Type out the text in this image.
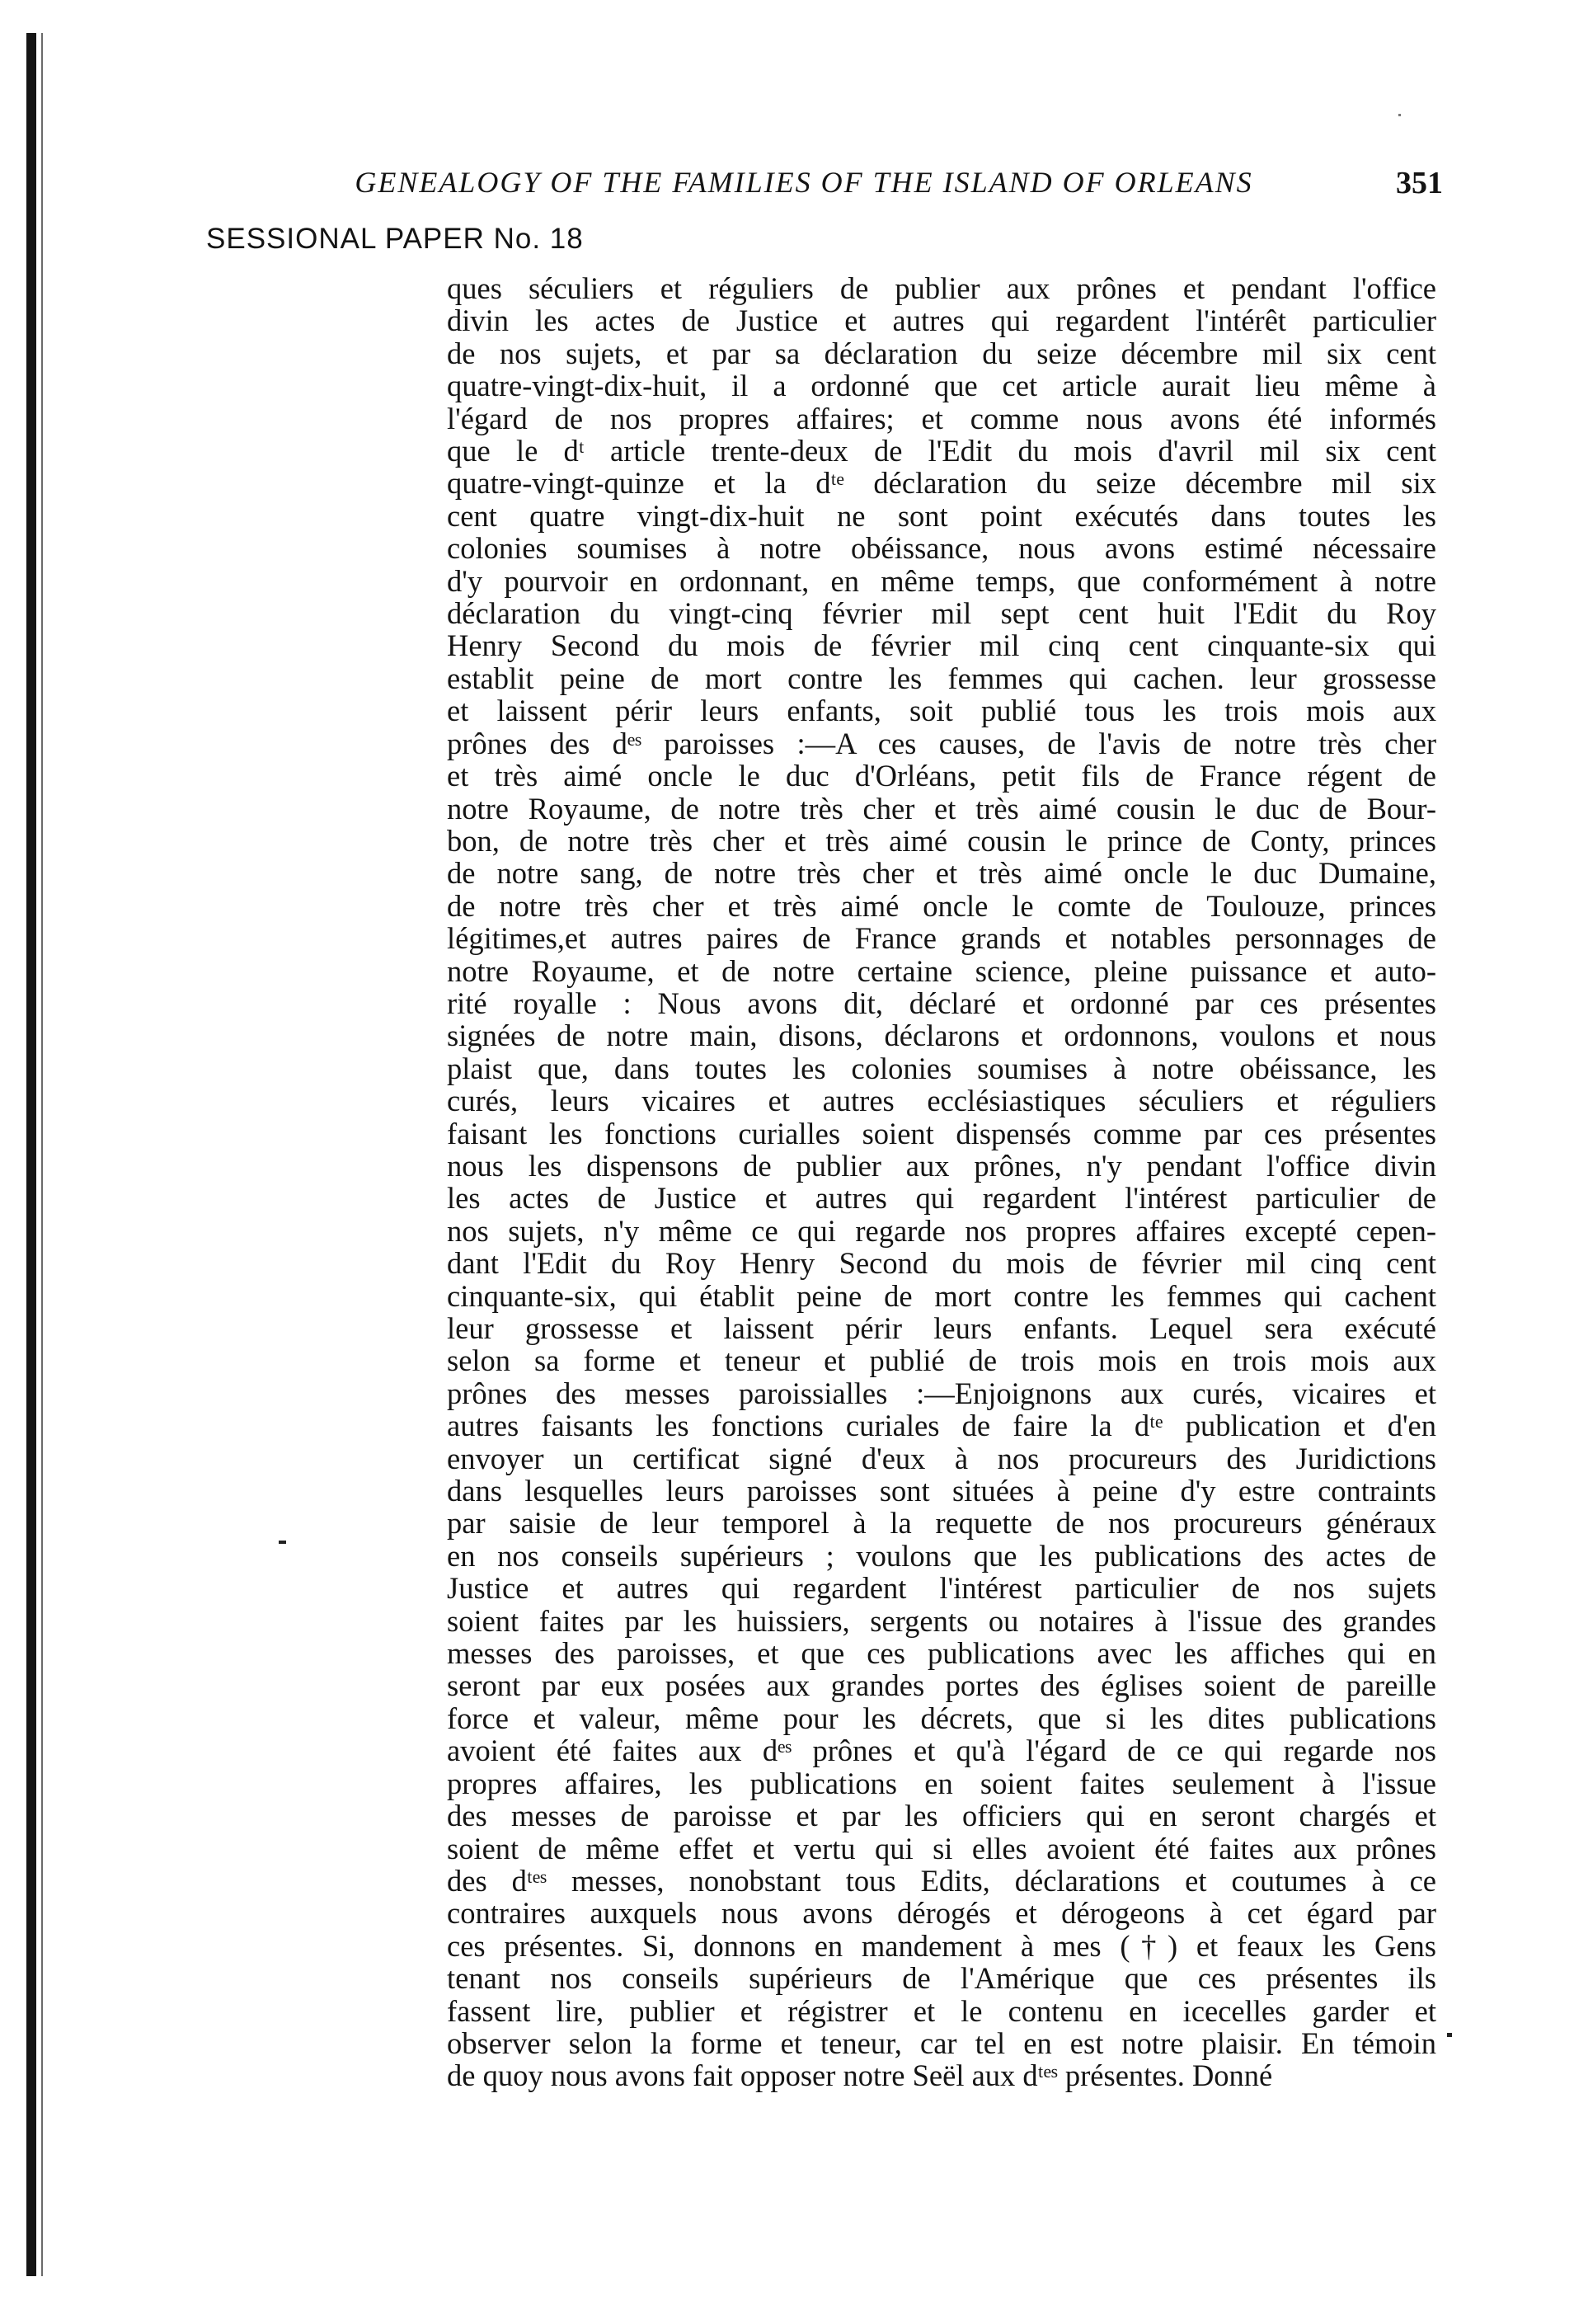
GENEALOGY OF THE FAMILIES OF THE ISLAND OF ORLEANS	351
SESSIONAL PAPER No. 18
ques séculiers et réguliers de publier aux prônes et pendant l'office
divin les actes de Justice et autres qui regardent l'intérêt particulier
de nos sujets, et par sa déclaration du seize décembre mil six cent
quatre-vingt-dix-huit, il a ordonné que cet article aurait lieu même à
l'égard de nos propres affaires; et comme nous avons été informés
que le dᵗ article trente-deux de l'Edit du mois d'avril mil six cent
quatre-vingt-quinze et la dᵗᵉ déclaration du seize décembre mil six
cent quatre vingt-dix-huit ne sont point exécutés dans toutes les
colonies soumises à notre obéissance, nous avons estimé nécessaire
d'y pourvoir en ordonnant, en même temps, que conformément à notre
déclaration du vingt-cinq février mil sept cent huit l'Edit du Roy
Henry Second du mois de février mil cinq cent cinquante-six qui
establit peine de mort contre les femmes qui cachen. leur grossesse
et laissent périr leurs enfants, soit publié tous les trois mois aux
prônes des dᵉˢ paroisses :—A ces causes, de l'avis de notre très cher
et très aimé oncle le duc d'Orléans, petit fils de France régent de
notre Royaume, de notre très cher et très aimé cousin le duc de Bour-
bon, de notre très cher et très aimé cousin le prince de Conty, princes
de notre sang, de notre très cher et très aimé oncle le duc Dumaine,
de notre très cher et très aimé oncle le comte de Toulouze, princes
légitimes,et autres paires de France grands et notables personnages de
notre Royaume, et de notre certaine science, pleine puissance et auto-
rité royalle : Nous avons dit, déclaré et ordonné par ces présentes
signées de notre main, disons, déclarons et ordonnons, voulons et nous
plaist que, dans toutes les colonies soumises à notre obéissance, les
curés, leurs vicaires et autres ecclésiastiques séculiers et réguliers
faisant les fonctions curialles soient dispensés comme par ces présentes
nous les dispensons de publier aux prônes, n'y pendant l'office divin
les actes de Justice et autres qui regardent l'intérest particulier de
nos sujets, n'y même ce qui regarde nos propres affaires excepté cepen-
dant l'Edit du Roy Henry Second du mois de février mil cinq cent
cinquante-six, qui établit peine de mort contre les femmes qui cachent
leur grossesse et laissent périr leurs enfants. Lequel sera exécuté
selon sa forme et teneur et publié de trois mois en trois mois aux
prônes des messes paroissialles :—Enjoignons aux curés, vicaires et
autres faisants les fonctions curiales de faire la dᵗᵉ publication et d'en
envoyer un certificat signé d'eux à nos procureurs des Juridictions
dans lesquelles leurs paroisses sont situées à peine d'y estre contraints
par saisie de leur temporel à la requette de nos procureurs généraux
en nos conseils supérieurs ; voulons que les publications des actes de
Justice et autres qui regardent l'intérest particulier de nos sujets
soient faites par les huissiers, sergents ou notaires à l'issue des grandes
messes des paroisses, et que ces publications avec les affiches qui en
seront par eux posées aux grandes portes des églises soient de pareille
force et valeur, même pour les décrets, que si les dites publications
avoient été faites aux dᵉˢ prônes et qu'à l'égard de ce qui regarde nos
propres affaires, les publications en soient faites seulement à l'issue
des messes de paroisse et par les officiers qui en seront chargés et
soient de même effet et vertu qui si elles avoient été faites aux prônes
des dᵗᵉˢ messes, nonobstant tous Edits, déclarations et coutumes à ce
contraires auxquels nous avons dérogés et dérogeons à cet égard par
ces présentes. Si, donnons en mandement à mes (†) et feaux les Gens
tenant nos conseils supérieurs de l'Amérique que ces présentes ils
fassent lire, publier et régistrer et le contenu en icecelles garder et
observer selon la forme et teneur, car tel en est notre plaisir. En témoin
de quoy nous avons fait opposer notre Seël aux dᵗᵉˢ présentes. Donné
